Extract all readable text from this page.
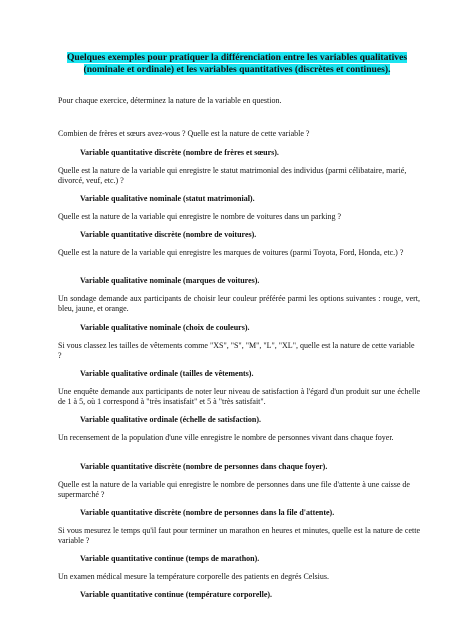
Quelques exemples pour pratiquer la différenciation entre les variables qualitatives (nominale et ordinale) et les variables quantitatives (discrètes et continues).
Pour chaque exercice, déterminez la nature de la variable en question.
Combien de frères et sœurs avez-vous ? Quelle est la nature de cette variable ?
Variable quantitative discrète (nombre de frères et sœurs).
Quelle est la nature de la variable qui enregistre le statut matrimonial des individus (parmi célibataire, marié, divorcé, veuf, etc.) ?
Variable qualitative nominale (statut matrimonial).
Quelle est la nature de la variable qui enregistre le nombre de voitures dans un parking ?
Variable quantitative discrète (nombre de voitures).
Quelle est la nature de la variable qui enregistre les marques de voitures (parmi Toyota, Ford, Honda, etc.) ?
Variable qualitative nominale (marques de voitures).
Un sondage demande aux participants de choisir leur couleur préférée parmi les options suivantes : rouge, vert, bleu, jaune, et orange.
Variable qualitative nominale (choix de couleurs).
Si vous classez les tailles de vêtements comme "XS", "S", "M", "L", "XL", quelle est la nature de cette variable ?
Variable qualitative ordinale (tailles de vêtements).
Une enquête demande aux participants de noter leur niveau de satisfaction à l'égard d'un produit sur une échelle de 1 à 5, où 1 correspond à "très insatisfait" et 5 à "très satisfait".
Variable qualitative ordinale (échelle de satisfaction).
Un recensement de la population d'une ville enregistre le nombre de personnes vivant dans chaque foyer.
Variable quantitative discrète (nombre de personnes dans chaque foyer).
Quelle est la nature de la variable qui enregistre le nombre de personnes dans une file d'attente à une caisse de supermarché ?
Variable quantitative discrète (nombre de personnes dans la file d'attente).
Si vous mesurez le temps qu'il faut pour terminer un marathon en heures et minutes, quelle est la nature de cette variable ?
Variable quantitative continue (temps de marathon).
Un examen médical mesure la température corporelle des patients en degrés Celsius.
Variable quantitative continue (température corporelle).
